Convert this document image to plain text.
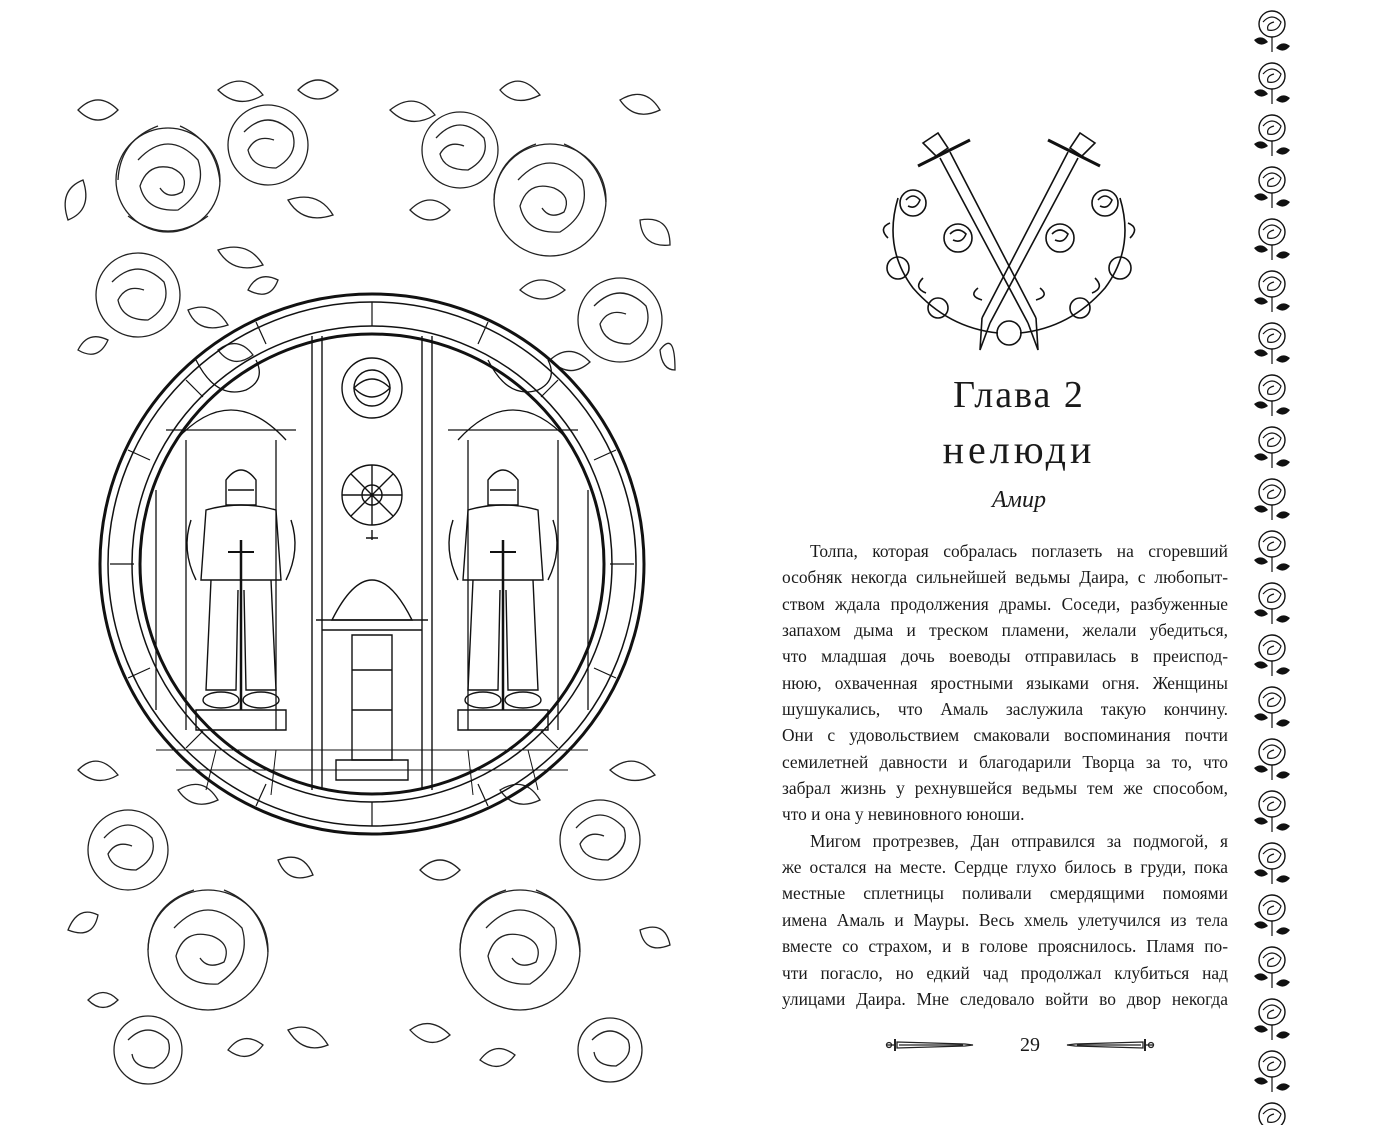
Глава 2
нелюди
Амир
Толпа, которая собралась поглазеть на сгоревший
особняк некогда сильнейшей ведьмы Даира, с любопыт-
ством ждала продолжения драмы. Соседи, разбуженные
запахом дыма и треском пламени, желали убедиться,
что младшая дочь воеводы отправилась в преиспод-
нюю, охваченная яростными языками огня. Женщины
шушукались, что Амаль заслужила такую кончину.
Они с удовольствием смаковали воспоминания почти
семилетней давности и благодарили Творца за то, что
забрал жизнь у рехнувшейся ведьмы тем же способом,
что и она у невиновного юноши.
Мигом протрезвев, Дан отправился за подмогой, я
же остался на месте. Сердце глухо билось в груди, пока
местные сплетницы поливали смердящими помоями
имена Амаль и Мауры. Весь хмель улетучился из тела
вместе со страхом, и в голове прояснилось. Пламя по-
чти погасло, но едкий чад продолжал клубиться над
улицами Даира. Мне следовало войти во двор некогда
29
